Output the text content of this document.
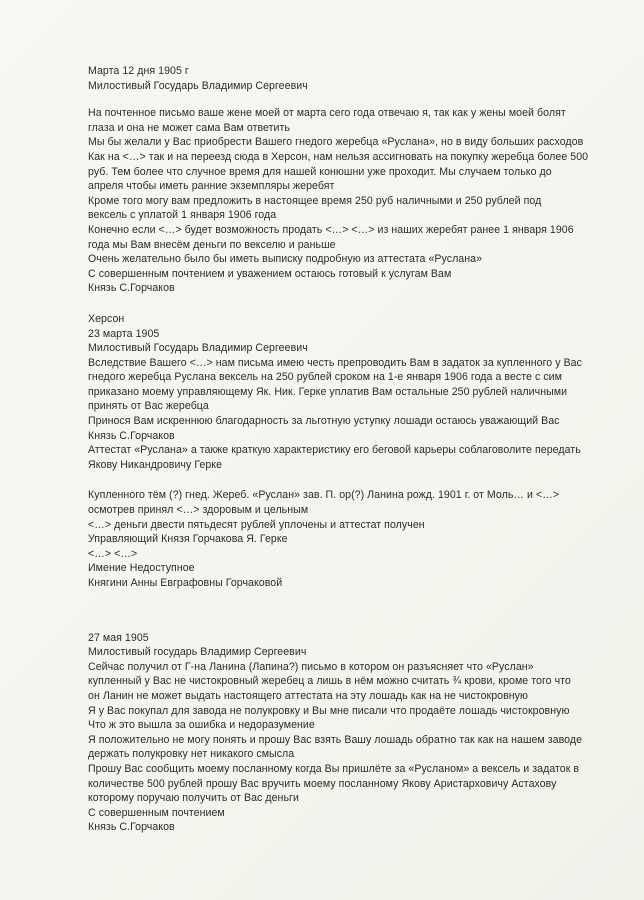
Марта 12 дня 1905 г
Милостивый Государь Владимир Сергеевич
На почтенное письмо ваше жене моей от марта сего года отвечаю я, так как у жены моей болят
глаза и она не может сама Вам ответить
Мы бы желали у Вас приобрести Вашего гнедого жеребца «Руслана», но в виду больших расходов
Как на <…> так и на переезд сюда в Херсон, нам нельзя ассигновать на покупку жеребца более 500
руб. Тем более что случное время для нашей конюшни уже проходит. Мы случаем только до
апреля чтобы иметь ранние экземпляры жеребят
Кроме того могу вам предложить в настоящее время 250 руб наличными и 250 рублей под
вексель с уплатой 1 января 1906 года
Конечно если <…> будет возможность продать <…> <…> из наших жеребят ранее 1 января 1906
года мы Вам внесём деньги по векселю и раньше
Очень желательно было бы иметь выписку подробную из аттестата «Руслана»
С совершенным почтением и уважением остаюсь готовый к услугам Вам
Князь С.Горчаков
Херсон
23 марта 1905
Милостивый Государь Владимир Сергеевич
Вследствие Вашего <…> нам письма имею честь препроводить Вам в задаток за купленного у Вас
гнедого жеребца Руслана вексель на 250 рублей сроком на 1-е января 1906 года а весте с сим
приказано моему управляющему Як. Ник. Герке уплатив Вам остальные 250 рублей наличными
принять от Вас жеребца
Принося Вам искреннюю благодарность за льготную уступку лошади остаюсь уважающий Вас
Князь С.Горчаков
Аттестат «Руслана» а также краткую характеристику его беговой карьеры соблаговолите передать
Якову Никандровичу Герке
Купленного тём (?) гнед. Жереб. «Руслан» зав. П. ор(?) Ланина рожд. 1901 г. от Моль… и <…>
осмотрев принял <…> здоровым и цельным
<…> деньги двести пятьдесят рублей уплочены и аттестат получен
Управляющий Князя Горчакова Я. Герке
<…> <…>
Имение Недоступное
Княгини Анны Евграфовны Горчаковой
27 мая 1905
Милостивый государь Владимир Сергеевич
Сейчас получил от Г-на Ланина (Лапина?) письмо в котором он разъясняет что «Руслан»
купленный у Вас не чистокровный жеребец а лишь в нём можно считать ¾ крови, кроме того что
он Ланин не может выдать настоящего аттестата на эту лошадь как на не чистокровную
Я у Вас покупал для завода не полукровку и Вы мне писали что продаёте лошадь чистокровную
Что ж это вышла за ошибка и недоразумение
Я положительно не могу понять и прошу Вас взять Вашу лошадь обратно так как на нашем заводе
держать полукровку нет никакого смысла
Прошу Вас сообщить моему посланному когда Вы пришлёте за «Русланом» а вексель и задаток в
количестве 500 рублей прошу Вас вручить моему посланному Якову Аристарховичу Астахову
которому поручаю получить от Вас деньги
С совершенным почтением
Князь С.Горчаков
